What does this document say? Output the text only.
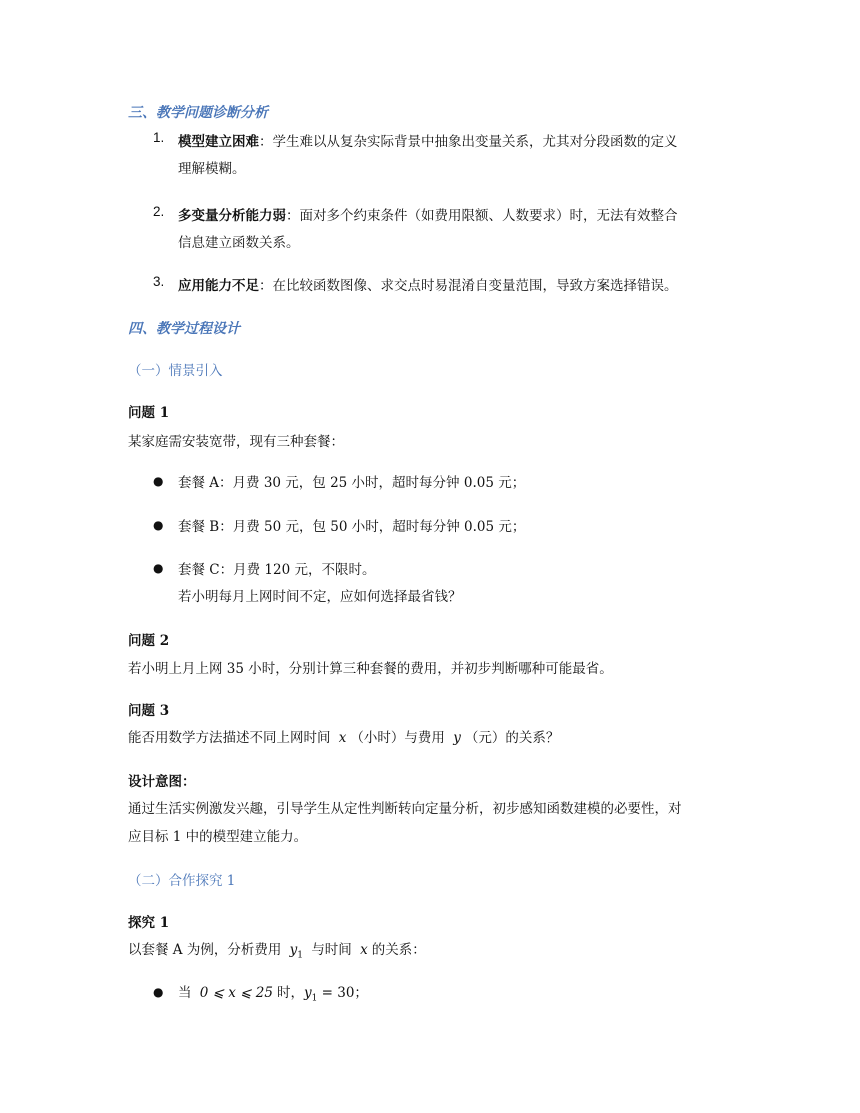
三、教学问题诊断分析
1. 模型建立困难：学生难以从复杂实际背景中抽象出变量关系，尤其对分段函数的定义
理解模糊。
2. 多变量分析能力弱：面对多个约束条件（如费用限额、人数要求）时，无法有效整合
信息建立函数关系。
3. 应用能力不足：在比较函数图像、求交点时易混淆自变量范围，导致方案选择错误。
四、教学过程设计
（一）情景引入
问题 1
某家庭需安装宽带，现有三种套餐：
● 套餐 A：月费 30 元，包 25 小时，超时每分钟 0.05 元；
● 套餐 B：月费 50 元，包 50 小时，超时每分钟 0.05 元；
● 套餐 C：月费 120 元，不限时。
若小明每月上网时间不定，应如何选择最省钱？
问题 2
若小明上月上网 35 小时，分别计算三种套餐的费用，并初步判断哪种可能最省。
问题 3
能否用数学方法描述不同上网时间 x （小时）与费用 y （元）的关系？
设计意图：
通过生活实例激发兴趣，引导学生从定性判断转向定量分析，初步感知函数建模的必要性，对
应目标 1 中的模型建立能力。
（二）合作探究 1
探究 1
以套餐 A 为例，分析费用 $y_1$ 与时间 x 的关系：
● 当 0 ⩽ x ⩽ 25 时，$y_1 = 30$；
